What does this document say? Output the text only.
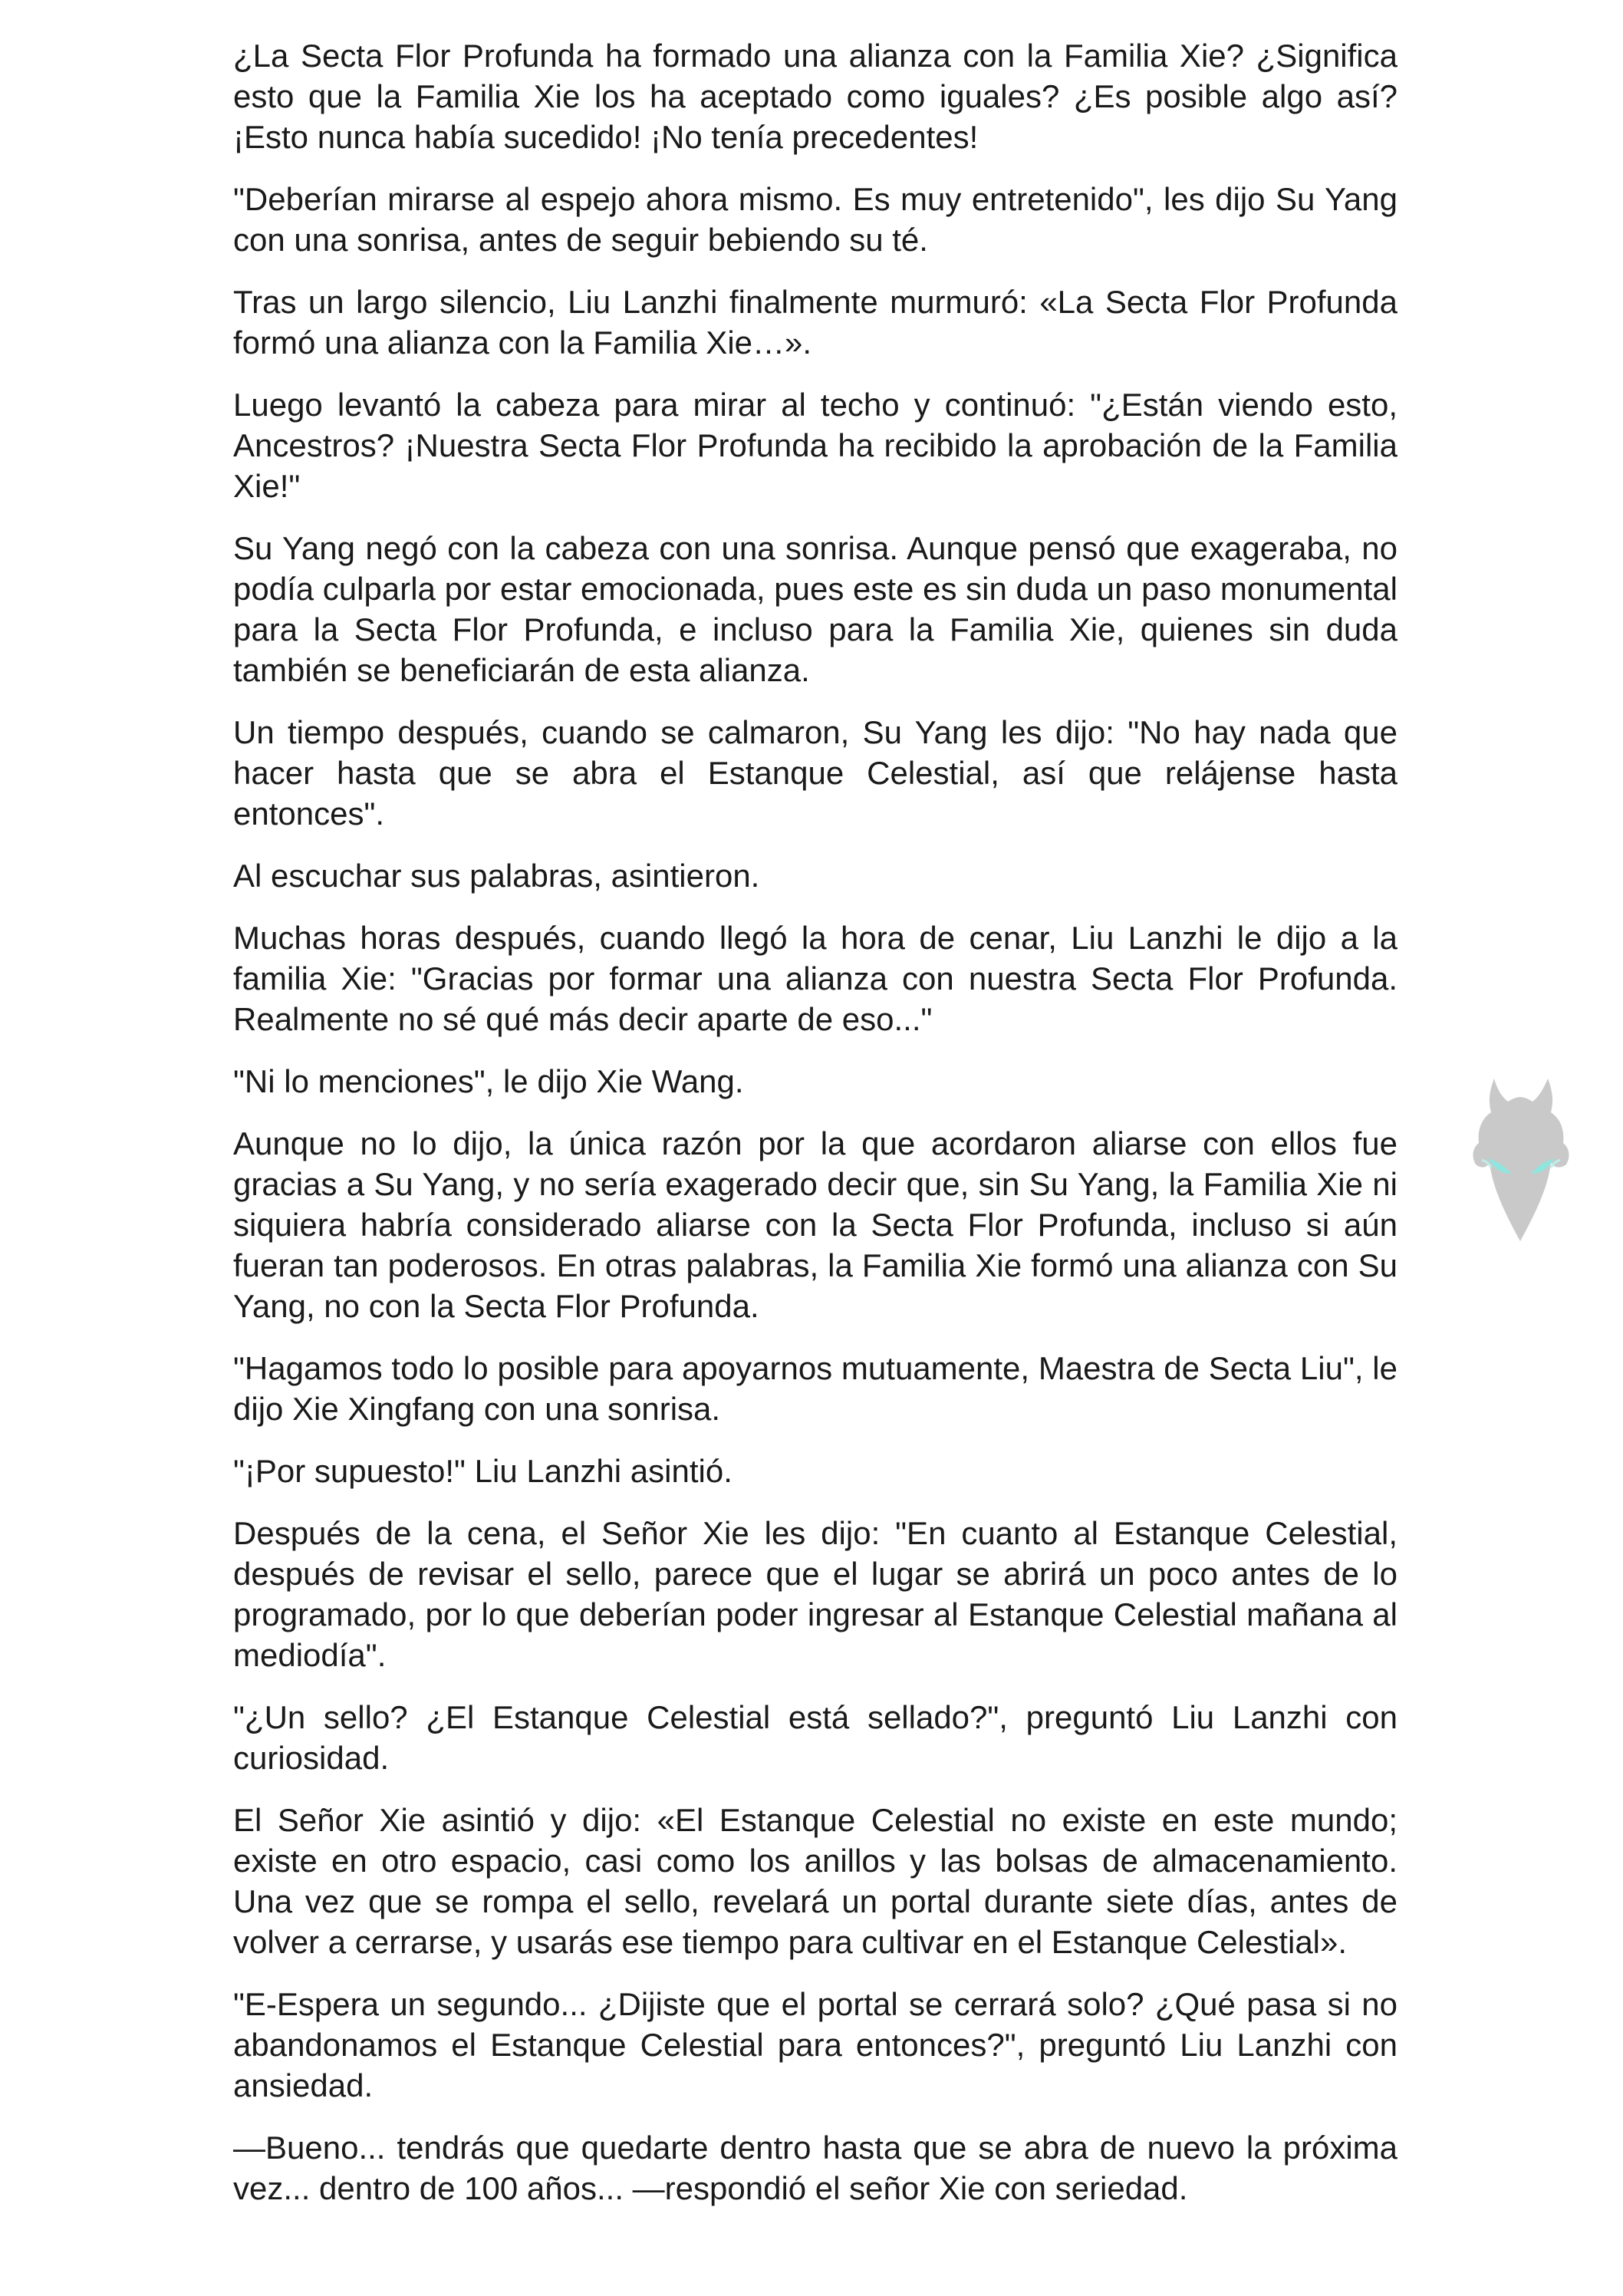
¿La Secta Flor Profunda ha formado una alianza con la Familia Xie? ¿Significa esto que la Familia Xie los ha aceptado como iguales? ¿Es posible algo así? ¡Esto nunca había sucedido! ¡No tenía precedentes!

"Deberían mirarse al espejo ahora mismo. Es muy entretenido", les dijo Su Yang con una sonrisa, antes de seguir bebiendo su té.

Tras un largo silencio, Liu Lanzhi finalmente murmuró: «La Secta Flor Profunda formó una alianza con la Familia Xie…».

Luego levantó la cabeza para mirar al techo y continuó: "¿Están viendo esto, Ancestros? ¡Nuestra Secta Flor Profunda ha recibido la aprobación de la Familia Xie!"

Su Yang negó con la cabeza con una sonrisa. Aunque pensó que exageraba, no podía culparla por estar emocionada, pues este es sin duda un paso monumental para la Secta Flor Profunda, e incluso para la Familia Xie, quienes sin duda también se beneficiarán de esta alianza.

Un tiempo después, cuando se calmaron, Su Yang les dijo: "No hay nada que hacer hasta que se abra el Estanque Celestial, así que relájense hasta entonces".

Al escuchar sus palabras, asintieron.

Muchas horas después, cuando llegó la hora de cenar, Liu Lanzhi le dijo a la familia Xie: "Gracias por formar una alianza con nuestra Secta Flor Profunda. Realmente no sé qué más decir aparte de eso..."

"Ni lo menciones", le dijo Xie Wang.

Aunque no lo dijo, la única razón por la que acordaron aliarse con ellos fue gracias a Su Yang, y no sería exagerado decir que, sin Su Yang, la Familia Xie ni siquiera habría considerado aliarse con la Secta Flor Profunda, incluso si aún fueran tan poderosos. En otras palabras, la Familia Xie formó una alianza con Su Yang, no con la Secta Flor Profunda.

"Hagamos todo lo posible para apoyarnos mutuamente, Maestra de Secta Liu", le dijo Xie Xingfang con una sonrisa.

"¡Por supuesto!" Liu Lanzhi asintió.

Después de la cena, el Señor Xie les dijo: "En cuanto al Estanque Celestial, después de revisar el sello, parece que el lugar se abrirá un poco antes de lo programado, por lo que deberían poder ingresar al Estanque Celestial mañana al mediodía".

"¿Un sello? ¿El Estanque Celestial está sellado?", preguntó Liu Lanzhi con curiosidad.

El Señor Xie asintió y dijo: «El Estanque Celestial no existe en este mundo; existe en otro espacio, casi como los anillos y las bolsas de almacenamiento. Una vez que se rompa el sello, revelará un portal durante siete días, antes de volver a cerrarse, y usarás ese tiempo para cultivar en el Estanque Celestial».

"E-Espera un segundo... ¿Dijiste que el portal se cerrará solo? ¿Qué pasa si no abandonamos el Estanque Celestial para entonces?", preguntó Liu Lanzhi con ansiedad.

—Bueno... tendrás que quedarte dentro hasta que se abra de nuevo la próxima vez... dentro de 100 años... —respondió el señor Xie con seriedad.
